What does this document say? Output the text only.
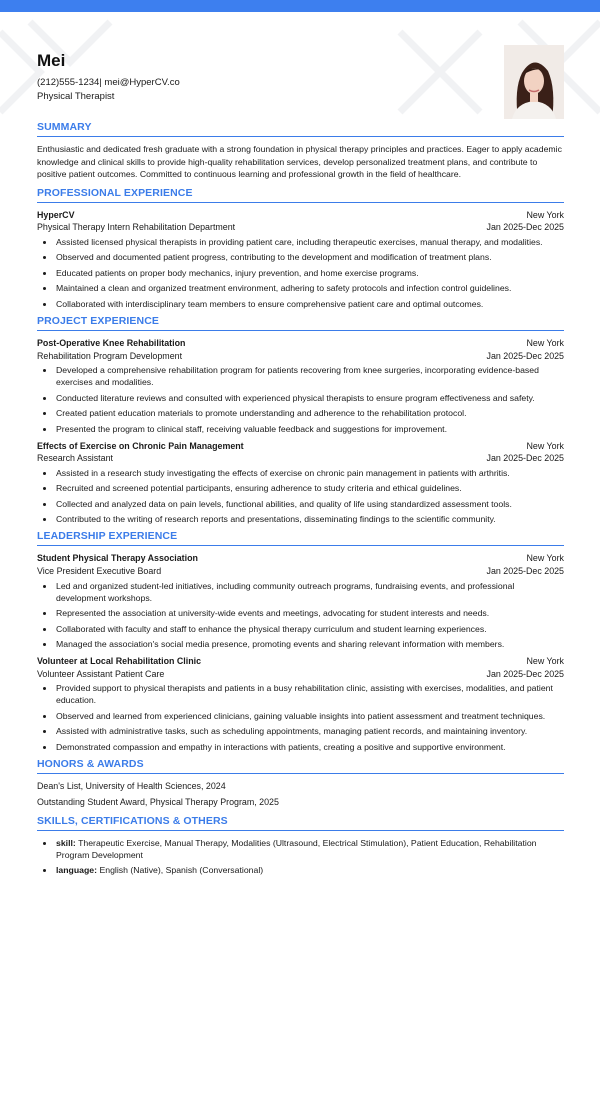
Mei
(212)555-1234| mei@HyperCV.co
Physical Therapist
SUMMARY
Enthusiastic and dedicated fresh graduate with a strong foundation in physical therapy principles and practices. Eager to apply academic knowledge and clinical skills to provide high-quality rehabilitation services, develop personalized treatment plans, and contribute to positive patient outcomes. Committed to continuous learning and professional growth in the field of healthcare.
PROFESSIONAL EXPERIENCE
HyperCV	New York
Physical Therapy Intern Rehabilitation Department	Jan 2025-Dec 2025
• Assisted licensed physical therapists in providing patient care, including therapeutic exercises, manual therapy, and modalities.
• Observed and documented patient progress, contributing to the development and modification of treatment plans.
• Educated patients on proper body mechanics, injury prevention, and home exercise programs.
• Maintained a clean and organized treatment environment, adhering to safety protocols and infection control guidelines.
• Collaborated with interdisciplinary team members to ensure comprehensive patient care and optimal outcomes.
PROJECT EXPERIENCE
Post-Operative Knee Rehabilitation	New York
Rehabilitation Program Development	Jan 2025-Dec 2025
• Developed a comprehensive rehabilitation program for patients recovering from knee surgeries, incorporating evidence-based exercises and modalities.
• Conducted literature reviews and consulted with experienced physical therapists to ensure program effectiveness and safety.
• Created patient education materials to promote understanding and adherence to the rehabilitation protocol.
• Presented the program to clinical staff, receiving valuable feedback and suggestions for improvement.
Effects of Exercise on Chronic Pain Management	New York
Research Assistant	Jan 2025-Dec 2025
• Assisted in a research study investigating the effects of exercise on chronic pain management in patients with arthritis.
• Recruited and screened potential participants, ensuring adherence to study criteria and ethical guidelines.
• Collected and analyzed data on pain levels, functional abilities, and quality of life using standardized assessment tools.
• Contributed to the writing of research reports and presentations, disseminating findings to the scientific community.
LEADERSHIP EXPERIENCE
Student Physical Therapy Association	New York
Vice President Executive Board	Jan 2025-Dec 2025
• Led and organized student-led initiatives, including community outreach programs, fundraising events, and professional development workshops.
• Represented the association at university-wide events and meetings, advocating for student interests and needs.
• Collaborated with faculty and staff to enhance the physical therapy curriculum and student learning experiences.
• Managed the association's social media presence, promoting events and sharing relevant information with members.
Volunteer at Local Rehabilitation Clinic	New York
Volunteer Assistant Patient Care	Jan 2025-Dec 2025
• Provided support to physical therapists and patients in a busy rehabilitation clinic, assisting with exercises, modalities, and patient education.
• Observed and learned from experienced clinicians, gaining valuable insights into patient assessment and treatment techniques.
• Assisted with administrative tasks, such as scheduling appointments, managing patient records, and maintaining inventory.
• Demonstrated compassion and empathy in interactions with patients, creating a positive and supportive environment.
HONORS & AWARDS
Dean's List, University of Health Sciences, 2024
Outstanding Student Award, Physical Therapy Program, 2025
SKILLS, CERTIFICATIONS & OTHERS
• skill: Therapeutic Exercise, Manual Therapy, Modalities (Ultrasound, Electrical Stimulation), Patient Education, Rehabilitation Program Development
• language: English (Native), Spanish (Conversational)
